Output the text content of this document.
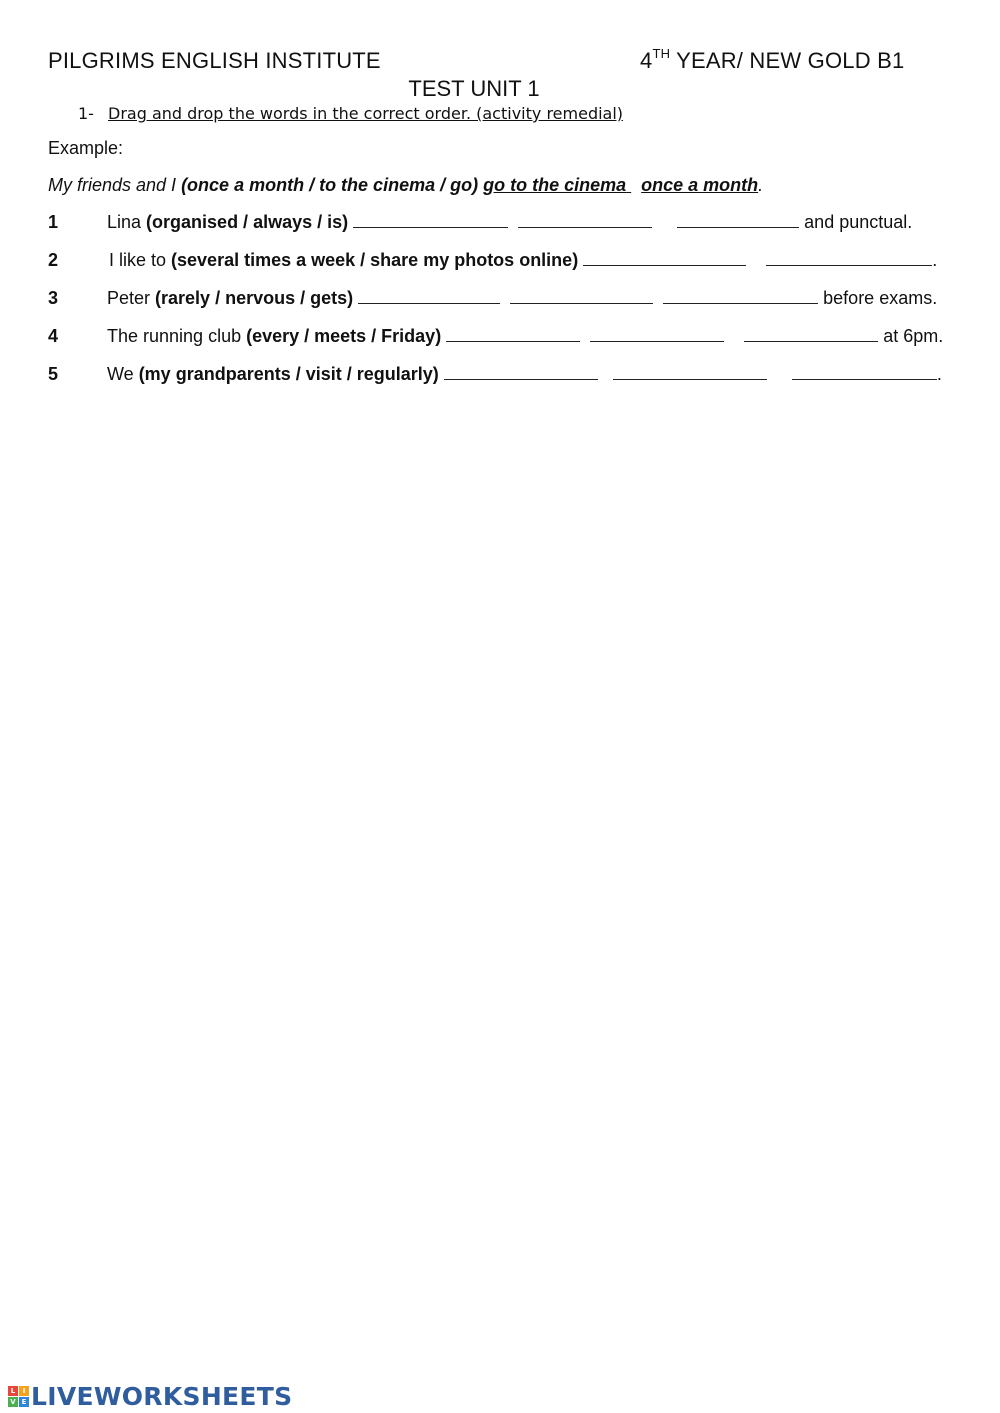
PILGRIMS ENGLISH INSTITUTE	4TH YEAR/ NEW GOLD B1
TEST UNIT 1
1- Drag and drop the words in the correct order. (activity remedial)
Example:
My friends and I (once a month / to the cinema / go) go to the cinema once a month.
1	Lina (organised / always / is)	and punctual.
2	I like to (several times a week / share my photos online)	.
3	Peter (rarely / nervous / gets)	before exams.
4	The running club (every / meets / Friday)	at 6pm.
5	We (my grandparents / visit / regularly)	.
L	I
V E LIVEWORKSHEETS
